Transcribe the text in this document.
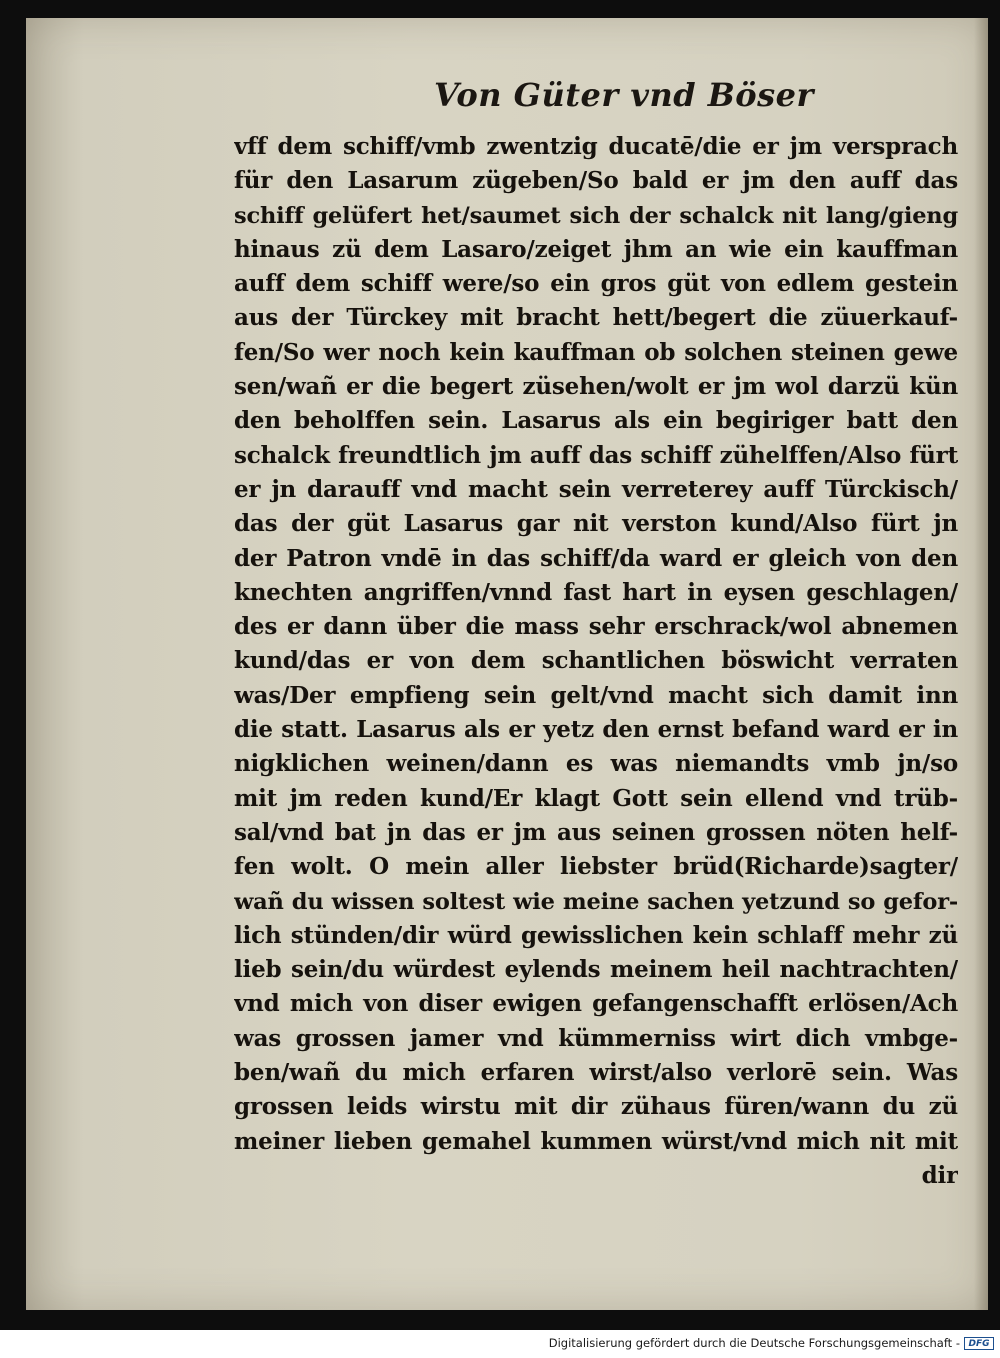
Von Güter vnd Böser
vff dem schiff/vmb zwentzig ducatē/die er jm versprach
für den Lasarum zügeben/So bald er jm den auff das
schiff gelüfert het/saumet sich der schalck nit lang/gieng
hinaus zü dem Lasaro/zeiget jhm an wie ein kauffman
auff dem schiff were/so ein gros güt von edlem gestein
aus der Türckey mit bracht hett/begert die züuerkauf-
fen/So wer noch kein kauffman ob solchen steinen gewe
sen/wañ er die begert züsehen/wolt er jm wol darzü kün
den beholffen sein. Lasarus als ein begiriger batt den
schalck freundtlich jm auff das schiff zühelffen/Also fürt
er jn darauff vnd macht sein verreterey auff Türckisch/
das der güt Lasarus gar nit verston kund/Also fürt jn
der Patron vndē in das schiff/da ward er gleich von den
knechten angriffen/vnnd fast hart in eysen geschlagen/
des er dann über die mass sehr erschrack/wol abnemen
kund/das er von dem schantlichen böswicht verraten
was/Der empfieng sein gelt/vnd macht sich damit inn
die statt. Lasarus als er yetz den ernst befand ward er in
nigklichen weinen/dann es was niemandts vmb jn/so
mit jm reden kund/Er klagt Gott sein ellend vnd trüb-
sal/vnd bat jn das er jm aus seinen grossen nöten helf-
fen wolt. O mein aller liebster brüd(Richarde)sagter/
wañ du wissen soltest wie meine sachen yetzund so gefor-
lich stünden/dir würd gewisslichen kein schlaff mehr zü
lieb sein/du würdest eylends meinem heil nachtrachten/
vnd mich von diser ewigen gefangenschafft erlösen/Ach
was grossen jamer vnd kümmerniss wirt dich vmbge-
ben/wañ du mich erfaren wirst/also verlorē sein. Was
grossen leids wirstu mit dir zühaus füren/wann du zü
meiner lieben gemahel kummen würst/vnd mich nit mit
dir
Digitalisierung gefördert durch die Deutsche Forschungsgemeinschaft - DFG
